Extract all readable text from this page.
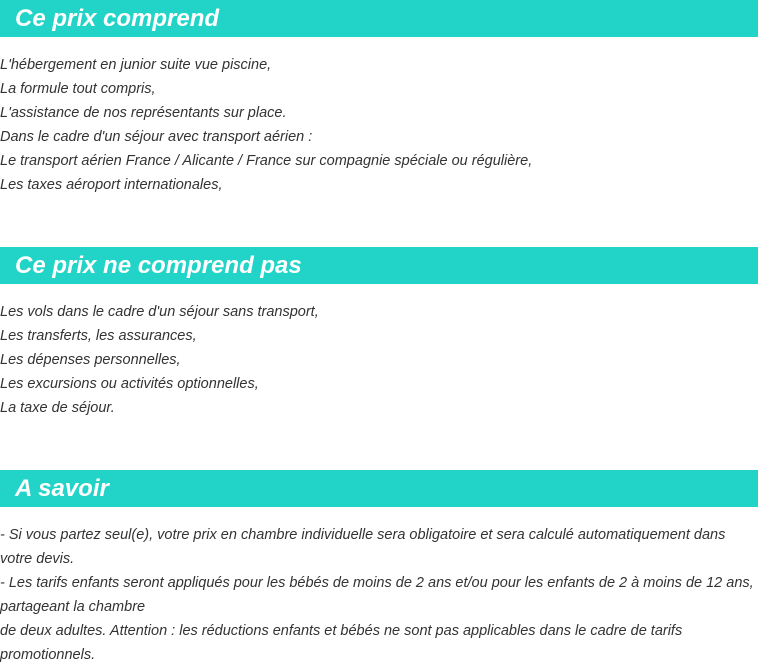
Ce prix comprend

L'hébergement en junior suite vue piscine,

La formule tout compris,

L'assistance de nos représentants sur place.

Dans le cadre d'un séjour avec transport aérien :

Le transport aérien France / Alicante / France sur compagnie spéciale ou régulière,

Les taxes aéroport internationales,

Ce prix ne comprend pas

Les vols dans le cadre d'un séjour sans transport,

Les transferts, les assurances,

Les dépenses personnelles,

Les excursions ou activités optionnelles,

La taxe de séjour.

A savoir

- Si vous partez seul(e), votre prix en chambre individuelle sera obligatoire et sera calculé automatiquement dans votre devis.

- Les tarifs enfants seront appliqués pour les bébés de moins de 2 ans et/ou pour les enfants de 2 à moins de 12 ans, partageant la chambre

de deux adultes. Attention : les réductions enfants et bébés ne sont pas applicables dans le cadre de tarifs promotionnels.
